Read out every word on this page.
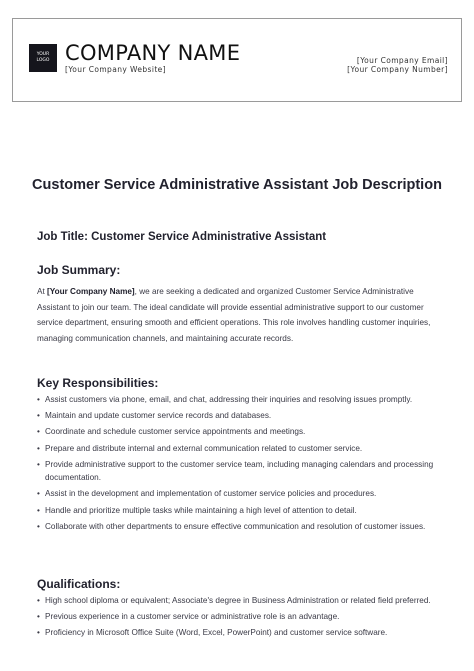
YOUR
LOGO COMPANY NAME
[Your Company Website]
[Your Company Email]
[Your Company Number]
Customer Service Administrative Assistant Job Description
Job Title: Customer Service Administrative Assistant
Job Summary:
At [Your Company Name], we are seeking a dedicated and organized Customer Service Administrative Assistant to join our team. The ideal candidate will provide essential administrative support to our customer service department, ensuring smooth and efficient operations. This role involves handling customer inquiries, managing communication channels, and maintaining accurate records.
Key Responsibilities:
• Assist customers via phone, email, and chat, addressing their inquiries and resolving issues promptly.
• Maintain and update customer service records and databases.
• Coordinate and schedule customer service appointments and meetings.
• Prepare and distribute internal and external communication related to customer service.
• Provide administrative support to the customer service team, including managing calendars and processing documentation.
• Assist in the development and implementation of customer service policies and procedures.
• Handle and prioritize multiple tasks while maintaining a high level of attention to detail.
• Collaborate with other departments to ensure effective communication and resolution of customer issues.
Qualifications:
• High school diploma or equivalent; Associate's degree in Business Administration or related field preferred.
• Previous experience in a customer service or administrative role is an advantage.
• Proficiency in Microsoft Office Suite (Word, Excel, PowerPoint) and customer service software.
